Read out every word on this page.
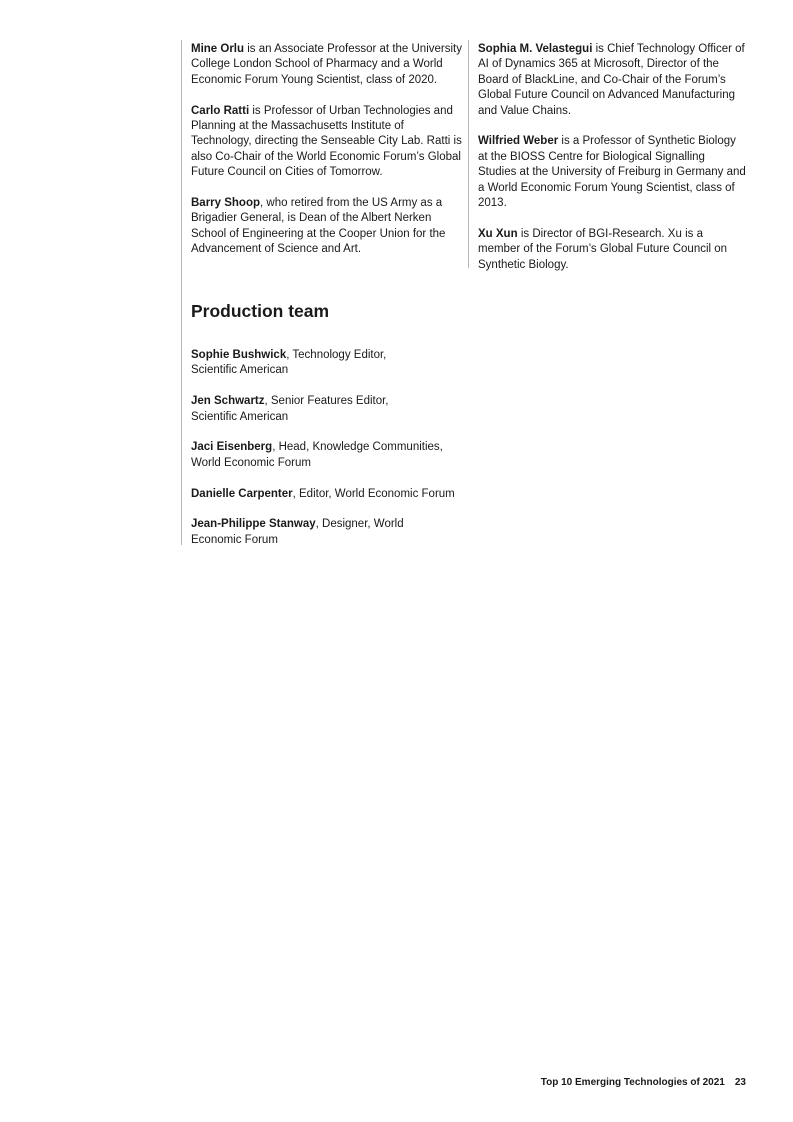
Mine Orlu is an Associate Professor at the University College London School of Pharmacy and a World Economic Forum Young Scientist, class of 2020.

Carlo Ratti is Professor of Urban Technologies and Planning at the Massachusetts Institute of Technology, directing the Senseable City Lab. Ratti is also Co-Chair of the World Economic Forum’s Global Future Council on Cities of Tomorrow.

Barry Shoop, who retired from the US Army as a Brigadier General, is Dean of the Albert Nerken School of Engineering at the Cooper Union for the Advancement of Science and Art.

Sophia M. Velastegui is Chief Technology Officer of AI of Dynamics 365 at Microsoft, Director of the Board of BlackLine, and Co-Chair of the Forum’s Global Future Council on Advanced Manufacturing and Value Chains.

Wilfried Weber is a Professor of Synthetic Biology at the BIOSS Centre for Biological Signalling Studies at the University of Freiburg in Germany and a World Economic Forum Young Scientist, class of 2013.

Xu Xun is Director of BGI-Research. Xu is a member of the Forum’s Global Future Council on Synthetic Biology.

Production team

Sophie Bushwick, Technology Editor,
Scientific American

Jen Schwartz, Senior Features Editor,
Scientific American

Jaci Eisenberg, Head, Knowledge Communities,
World Economic Forum

Danielle Carpenter, Editor, World Economic Forum

Jean-Philippe Stanway, Designer, World
Economic Forum

Top 10 Emerging Technologies of 2021 23
